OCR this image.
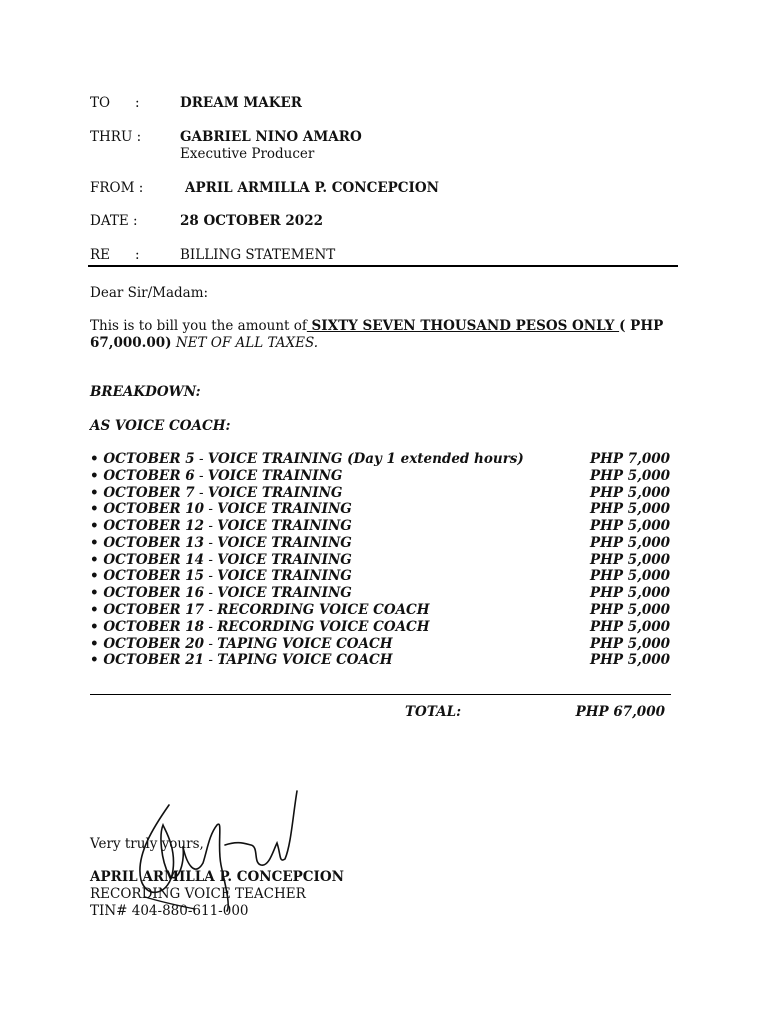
TO :	DREAM MAKER
THRU :	GABRIEL NINO AMARO
Executive Producer
FROM :	APRIL ARMILLA P. CONCEPCION
DATE :	28 OCTOBER 2022
RE :	BILLING STATEMENT
Dear Sir/Madam:
This is to bill you the amount of SIXTY SEVEN THOUSAND PESOS ONLY ( PHP
67,000.00) NET OF ALL TAXES.
BREAKDOWN:
AS VOICE COACH:
• OCTOBER 5 - VOICE TRAINING (Day 1 extended hours)	PHP 7,000
• OCTOBER 6 - VOICE TRAINING	PHP 5,000
• OCTOBER 7 - VOICE TRAINING	PHP 5,000
• OCTOBER 10 - VOICE TRAINING	PHP 5,000
• OCTOBER 12 - VOICE TRAINING	PHP 5,000
• OCTOBER 13 - VOICE TRAINING	PHP 5,000
• OCTOBER 14 - VOICE TRAINING	PHP 5,000
• OCTOBER 15 - VOICE TRAINING	PHP 5,000
• OCTOBER 16 - VOICE TRAINING	PHP 5,000
• OCTOBER 17 - RECORDING VOICE COACH	PHP 5,000
• OCTOBER 18 - RECORDING VOICE COACH	PHP 5,000
• OCTOBER 20 - TAPING VOICE COACH	PHP 5,000
• OCTOBER 21 - TAPING VOICE COACH	PHP 5,000
TOTAL:	PHP 67,000
Very truly yours,
APRIL ARMILLA P. CONCEPCION
RECORDING VOICE TEACHER
TIN# 404-880-611-000
